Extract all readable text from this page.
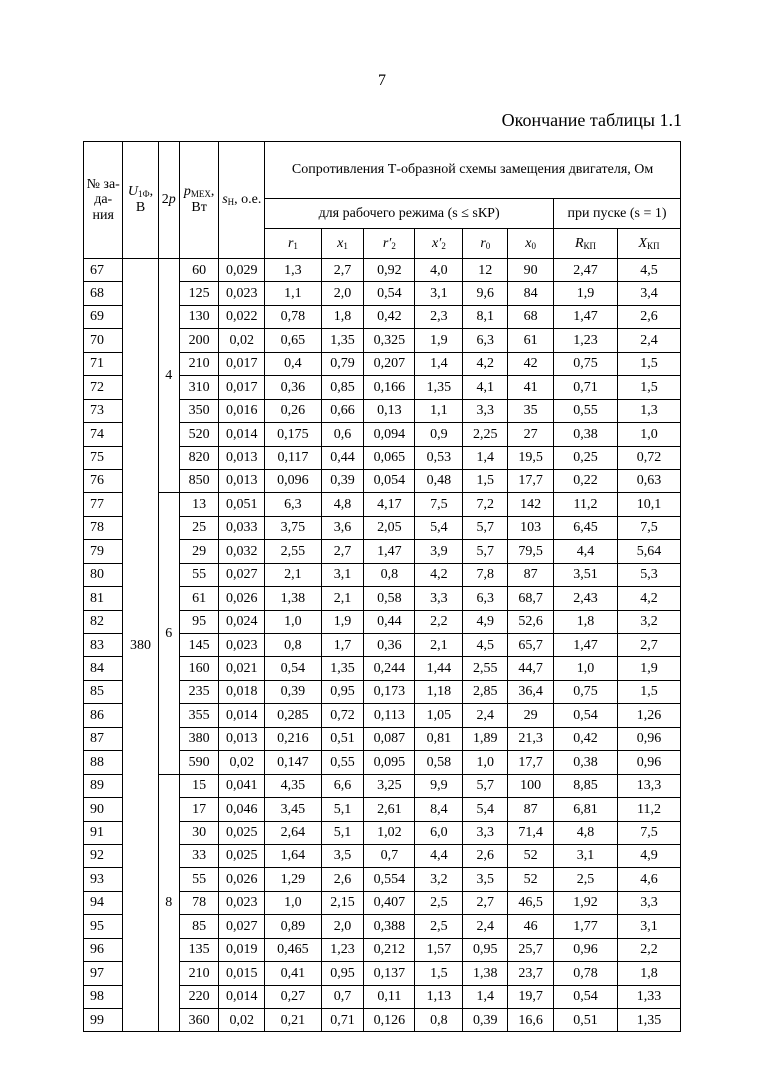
7
Окончание таблицы 1.1
№ за-да-ния	$U_{1Ф}$, В	2p	$p_{МЕХ}$, Вт	$s_Н$, о.е.	Сопротивления Т-образной схемы замещения двигателя, Ом							
					для рабочего режима (s ≤ sКР)						при пуске (s = 1)	
					$r_1$	$x_1$	$r'_2$	$x'_2$	$r_0$	$x_0$	$R_{КП}$	$X_{КП}$
67	380	4	60	0,029	1,3	2,7	0,92	4,0	12	90	2,47	4,5
68			125	0,023	1,1	2,0	0,54	3,1	9,6	84	1,9	3,4
69			130	0,022	0,78	1,8	0,42	2,3	8,1	68	1,47	2,6
70			200	0,02	0,65	1,35	0,325	1,9	6,3	61	1,23	2,4
71			210	0,017	0,4	0,79	0,207	1,4	4,2	42	0,75	1,5
72			310	0,017	0,36	0,85	0,166	1,35	4,1	41	0,71	1,5
73			350	0,016	0,26	0,66	0,13	1,1	3,3	35	0,55	1,3
74			520	0,014	0,175	0,6	0,094	0,9	2,25	27	0,38	1,0
75			820	0,013	0,117	0,44	0,065	0,53	1,4	19,5	0,25	0,72
76			850	0,013	0,096	0,39	0,054	0,48	1,5	17,7	0,22	0,63
77		6	13	0,051	6,3	4,8	4,17	7,5	7,2	142	11,2	10,1
78			25	0,033	3,75	3,6	2,05	5,4	5,7	103	6,45	7,5
79			29	0,032	2,55	2,7	1,47	3,9	5,7	79,5	4,4	5,64
80			55	0,027	2,1	3,1	0,8	4,2	7,8	87	3,51	5,3
81			61	0,026	1,38	2,1	0,58	3,3	6,3	68,7	2,43	4,2
82			95	0,024	1,0	1,9	0,44	2,2	4,9	52,6	1,8	3,2
83			145	0,023	0,8	1,7	0,36	2,1	4,5	65,7	1,47	2,7
84			160	0,021	0,54	1,35	0,244	1,44	2,55	44,7	1,0	1,9
85			235	0,018	0,39	0,95	0,173	1,18	2,85	36,4	0,75	1,5
86			355	0,014	0,285	0,72	0,113	1,05	2,4	29	0,54	1,26
87			380	0,013	0,216	0,51	0,087	0,81	1,89	21,3	0,42	0,96
88			590	0,02	0,147	0,55	0,095	0,58	1,0	17,7	0,38	0,96
89		8	15	0,041	4,35	6,6	3,25	9,9	5,7	100	8,85	13,3
90			17	0,046	3,45	5,1	2,61	8,4	5,4	87	6,81	11,2
91			30	0,025	2,64	5,1	1,02	6,0	3,3	71,4	4,8	7,5
92			33	0,025	1,64	3,5	0,7	4,4	2,6	52	3,1	4,9
93			55	0,026	1,29	2,6	0,554	3,2	3,5	52	2,5	4,6
94			78	0,023	1,0	2,15	0,407	2,5	2,7	46,5	1,92	3,3
95			85	0,027	0,89	2,0	0,388	2,5	2,4	46	1,77	3,1
96			135	0,019	0,465	1,23	0,212	1,57	0,95	25,7	0,96	2,2
97			210	0,015	0,41	0,95	0,137	1,5	1,38	23,7	0,78	1,8
98			220	0,014	0,27	0,7	0,11	1,13	1,4	19,7	0,54	1,33
99			360	0,02	0,21	0,71	0,126	0,8	0,39	16,6	0,51	1,35
